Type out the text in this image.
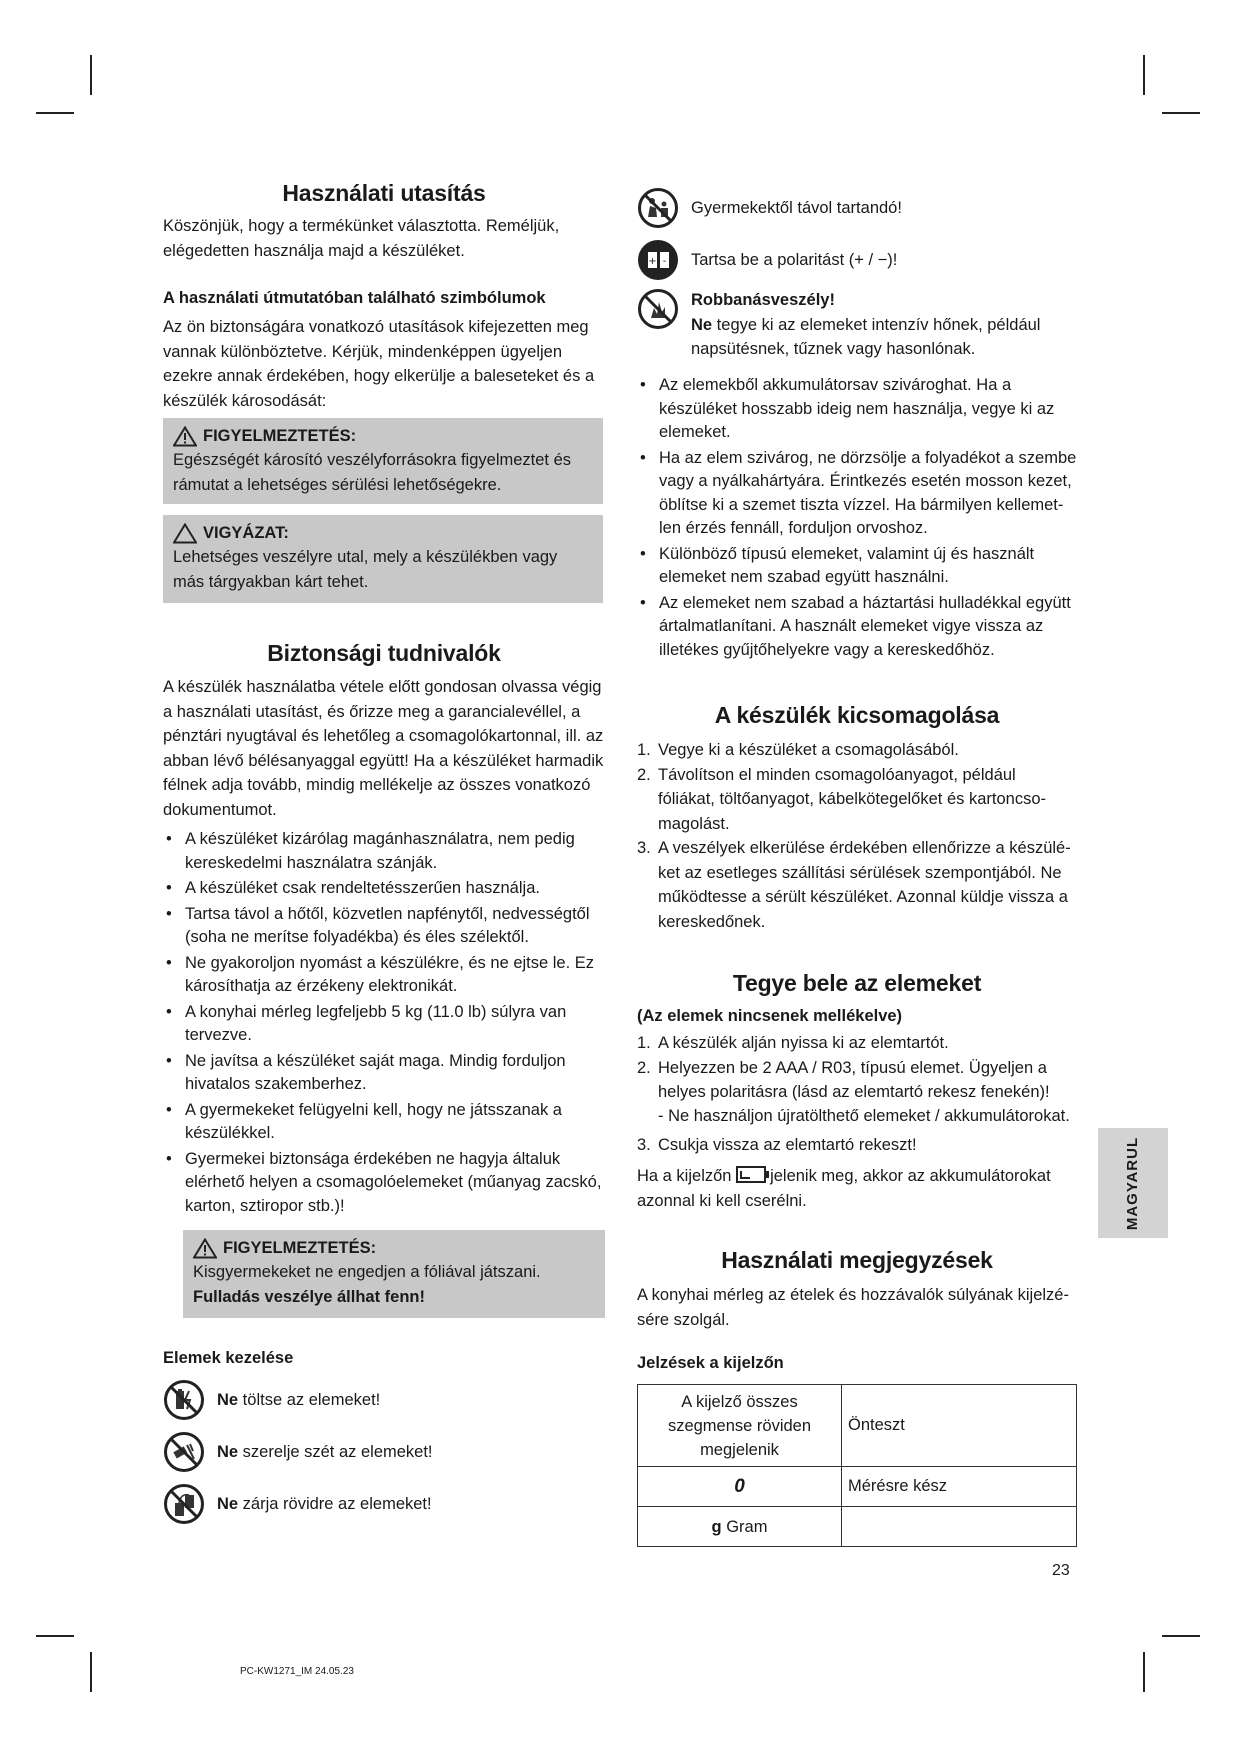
Használati utasítás

Köszönjük, hogy a termékünket választotta. Reméljük, elégedetten használja majd a készüléket.

A használati útmutatóban található szimbólumok

Az ön biztonságára vonatkozó utasítások kifejezetten meg vannak különböztetve. Kérjük, mindenképpen ügyeljen ezekre annak érdekében, hogy elkerülje a baleseteket és a készülék károsodását:

FIGYELMEZTETÉS:
Egészségét károsító veszélyforrásokra figyelmeztet és rámutat a lehetséges sérülési lehetőségekre.
VIGYÁZAT:
Lehetséges veszélyre utal, mely a készülékben vagy más tárgyakban kárt tehet.
Biztonsági tudnivalók

A készülék használatba vétele előtt gondosan olvassa végig a használati utasítást, és őrizze meg a garancialevéllel, a pénztári nyugtával és lehetőleg a csomagolókartonnal, ill. az abban lévő bélésanyaggal együtt! Ha a készüléket harmadik félnek adja tovább, mindig mellékelje az összes vonatkozó dokumentumot.

• A készüléket kizárólag magánhasználatra, nem pedig kereskedelmi használatra szánják.
• A készüléket csak rendeltetésszerűen használja.
• Tartsa távol a hőtől, közvetlen napfénytől, nedvességtől (soha ne merítse folyadékba) és éles szélektől.
• Ne gyakoroljon nyomást a készülékre, és ne ejtse le. Ez károsíthatja az érzékeny elektronikát.
• A konyhai mérleg legfeljebb 5 kg (11.0 lb) súlyra van tervezve.
• Ne javítsa a készüléket saját maga. Mindig forduljon hivatalos szakemberhez.
• A gyermekeket felügyelni kell, hogy ne játsszanak a készülékkel.
• Gyermekei biztonsága érdekében ne hagyja általuk elérhető helyen a csomagolóelemeket (műanyag zacskó, karton, sztiropor stb.)!
FIGYELMEZTETÉS:
Kisgyermekeket ne engedjen a fóliával játszani.
Fulladás veszélye állhat fenn!
Elemek kezelése
Ne töltse az elemeket!
Ne szerelje szét az elemeket!
Ne zárja rövidre az elemeket!
Gyermekektől távol tartandó!
+ - Tartsa be a polaritást (+ / −)!
Robbanásveszély!
Ne tegye ki az elemeket intenzív hőnek, például napsütésnek, tűznek vagy hasonlónak.
• Az elemekből akkumulátorsav szivároghat. Ha a készüléket hosszabb ideig nem használja, vegye ki az elemeket.
• Ha az elem szivárog, ne dörzsölje a folyadékot a szembe vagy a nyálkahártyára. Érintkezés esetén mosson kezet, öblítse ki a szemet tiszta vízzel. Ha bármilyen kellemet-len érzés fennáll, forduljon orvoshoz.
• Különböző típusú elemeket, valamint új és használt elemeket nem szabad együtt használni.
• Az elemeket nem szabad a háztartási hulladékkal együtt ártalmatlanítani. A használt elemeket vigye vissza az illetékes gyűjtőhelyekre vagy a kereskedőhöz.
A készülék kicsomagolása
1. Vegye ki a készüléket a csomagolásából.
2. Távolítson el minden csomagolóanyagot, például fóliákat, töltőanyagot, kábelkötegelőket és kartoncso-magolást.
3. A veszélyek elkerülése érdekében ellenőrizze a készülé-ket az esetleges szállítási sérülések szempontjából. Ne működtesse a sérült készüléket. Azonnal küldje vissza a kereskedőnek.
Tegye bele az elemeket
(Az elemek nincsenek mellékelve)
1. A készülék alján nyissa ki az elemtartót.
2. Helyezzen be 2 AAA / R03, típusú elemet. Ügyeljen a helyes polaritásra (lásd az elemtartó rekesz fenekén)!
- Ne használjon újratölthető elemeket / akkumulátorokat.
3. Csukja vissza az elemtartó rekeszt!

Ha a kijelzőn jelenik meg, akkor az akkumulátorokat azonnal ki kell cserélni.

Használati megjegyzések

A konyhai mérleg az ételek és hozzávalók súlyának kijelzé-sére szolgál.

Jelzések a kijelzőn
A kijelző összes szegmense röviden megjelenik	Önteszt
0	Mérésre kész
g Gram	
23
MAGYARUL
PC-KW1271_IM 24.05.23
